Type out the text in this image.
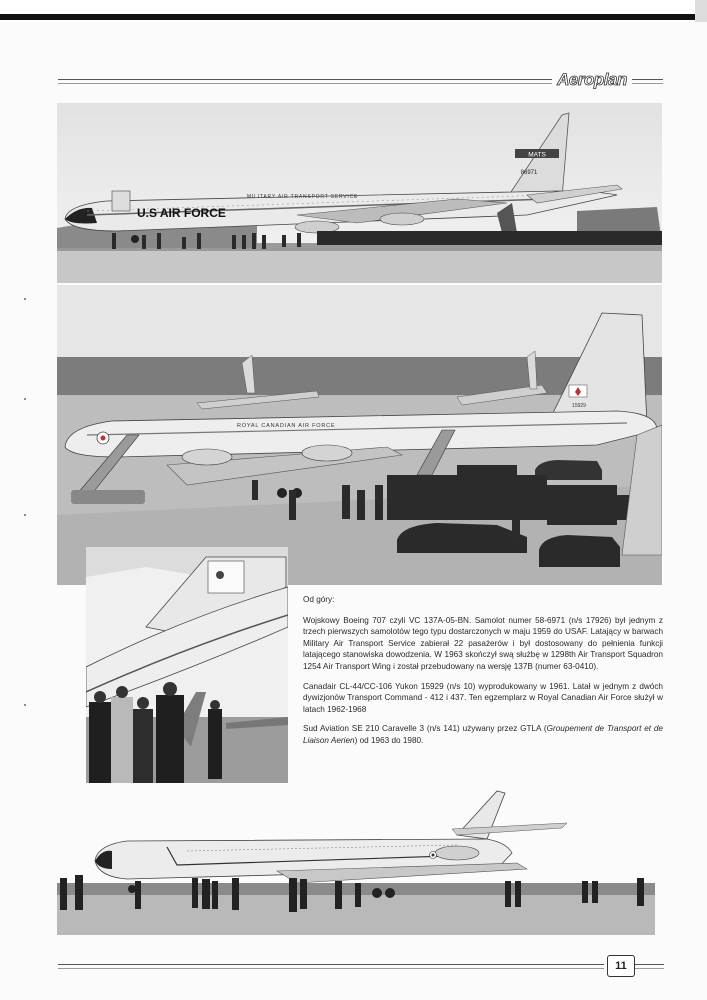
Aeroplan
MATS
86971
U.S AIR FORCE
MILITARY AIR TRANSPORT SERVICE
15929
ROYAL CANADIAN AIR FORCE

Od góry:

Wojskowy Boeing 707 czyli VC 137A-05-BN. Samolot numer 58-6971 (n/s 17926) był jednym z trzech pierwszych samolotów tego typu dostarczonych w maju 1959 do USAF. Latający w barwach Military Air Transport Service zabierał 22 pasażerów i był dostosowany do pełnienia funkcji latającego stanowiska dowodzenia. W 1963 skończył swą służbę w 1298th Air Transport Squadron 1254 Air Transport Wing i został przebudowany na wersję 137B (numer 63-0410).

Canadair CL-44/CC-106 Yukon 15929 (n/s 10) wyprodukowany w 1961. Latał w jednym z dwóch dywizjonów Transport Command - 412 i 437. Ten egzemplarz w Royal Canadian Air Force służył w latach 1962-1968

Sud Aviation SE 210 Caravelle 3 (n/s 141) używany przez GTLA (Groupement de Transport et de Liaison Aerien) od 1963 do 1980.

11
